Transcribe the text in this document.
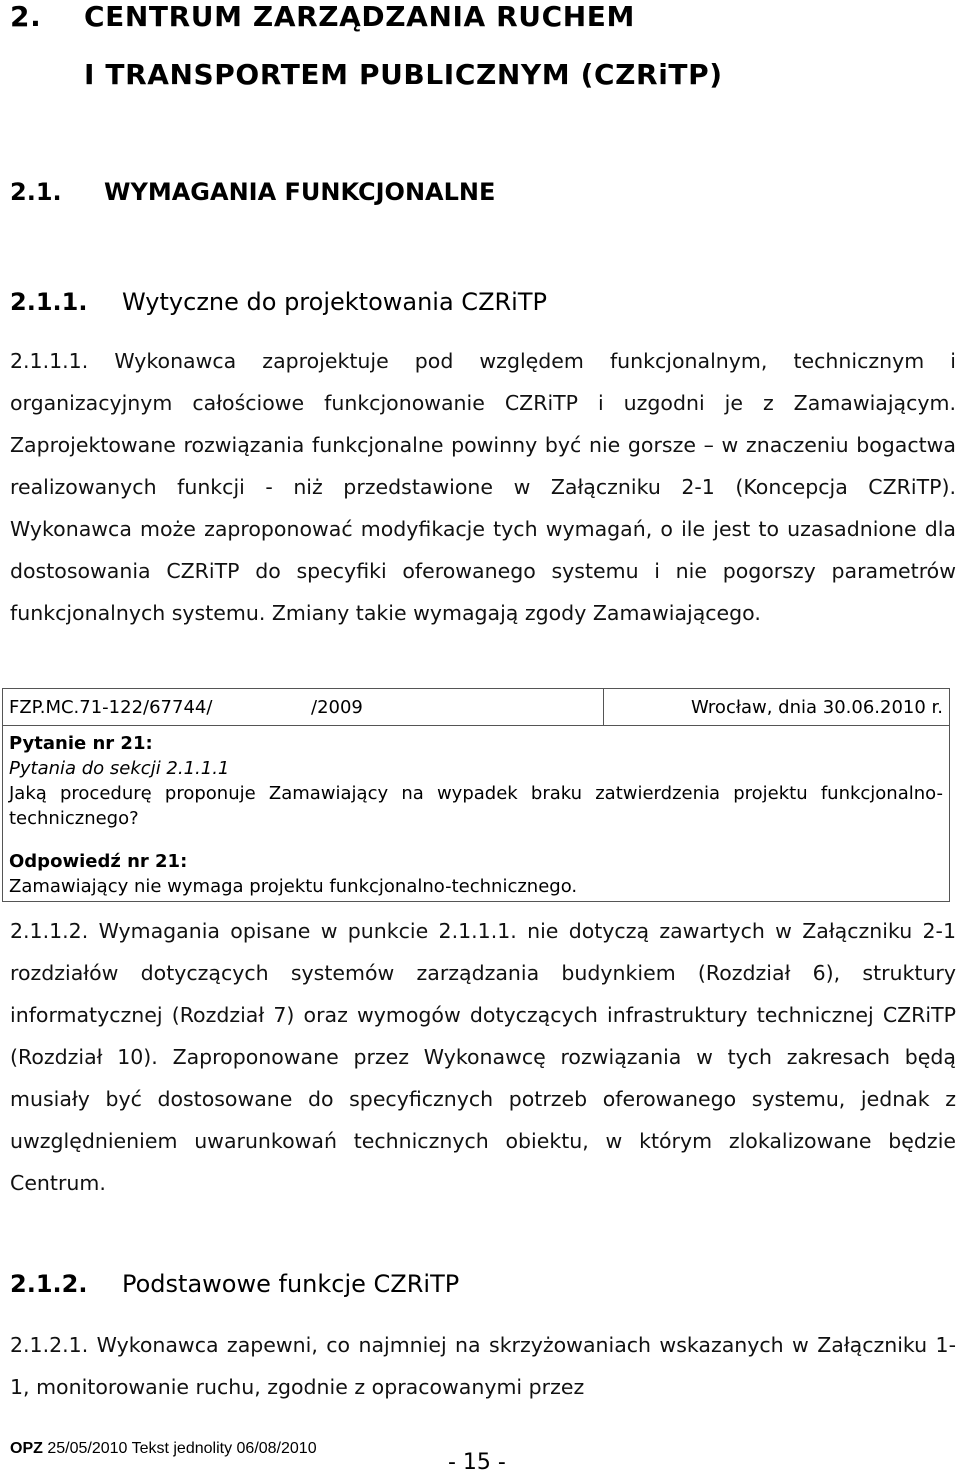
2. CENTRUM ZARZĄDZANIA RUCHEM
I TRANSPORTEM PUBLICZNYM (CZRiTP)
2.1. WYMAGANIA FUNKCJONALNE
2.1.1. Wytyczne do projektowania CZRiTP
2.1.1.1. Wykonawca zaprojektuje pod względem funkcjonalnym, technicznym i organizacyjnym całościowe funkcjonowanie CZRiTP i uzgodni je z Zamawiającym. Zaprojektowane rozwiązania funkcjonalne powinny być nie gorsze – w znaczeniu bogactwa realizowanych funkcji - niż przedstawione w Załączniku 2-1 (Koncepcja CZRiTP). Wykonawca może zaproponować modyfikacje tych wymagań, o ile jest to uzasadnione dla dostosowania CZRiTP do specyfiki oferowanego systemu i nie pogorszy parametrów funkcjonalnych systemu. Zmiany takie wymagają zgody Zamawiającego.
FZP.MC.71-122/67744/	/2009	Wrocław, dnia 30.06.2010 r.
Pytanie nr 21:
Pytania do sekcji 2.1.1.1
Jaką procedurę proponuje Zamawiający na wypadek braku zatwierdzenia projektu funkcjonalno-technicznego?
Odpowiedź nr 21:
Zamawiający nie wymaga projektu funkcjonalno-technicznego.
2.1.1.2. Wymagania opisane w punkcie 2.1.1.1. nie dotyczą zawartych w Załączniku 2-1 rozdziałów dotyczących systemów zarządzania budynkiem (Rozdział 6), struktury informatycznej (Rozdział 7) oraz wymogów dotyczących infrastruktury technicznej CZRiTP (Rozdział 10). Zaproponowane przez Wykonawcę rozwiązania w tych zakresach będą musiały być dostosowane do specyficznych potrzeb oferowanego systemu, jednak z uwzględnieniem uwarunkowań technicznych obiektu, w którym zlokalizowane będzie Centrum.
2.1.2. Podstawowe funkcje CZRiTP
2.1.2.1. Wykonawca zapewni, co najmniej na skrzyżowaniach wskazanych w Załączniku 1-1, monitorowanie ruchu, zgodnie z opracowanymi przez
OPZ 25/05/2010 Tekst jednolity 06/08/2010
- 15 -
